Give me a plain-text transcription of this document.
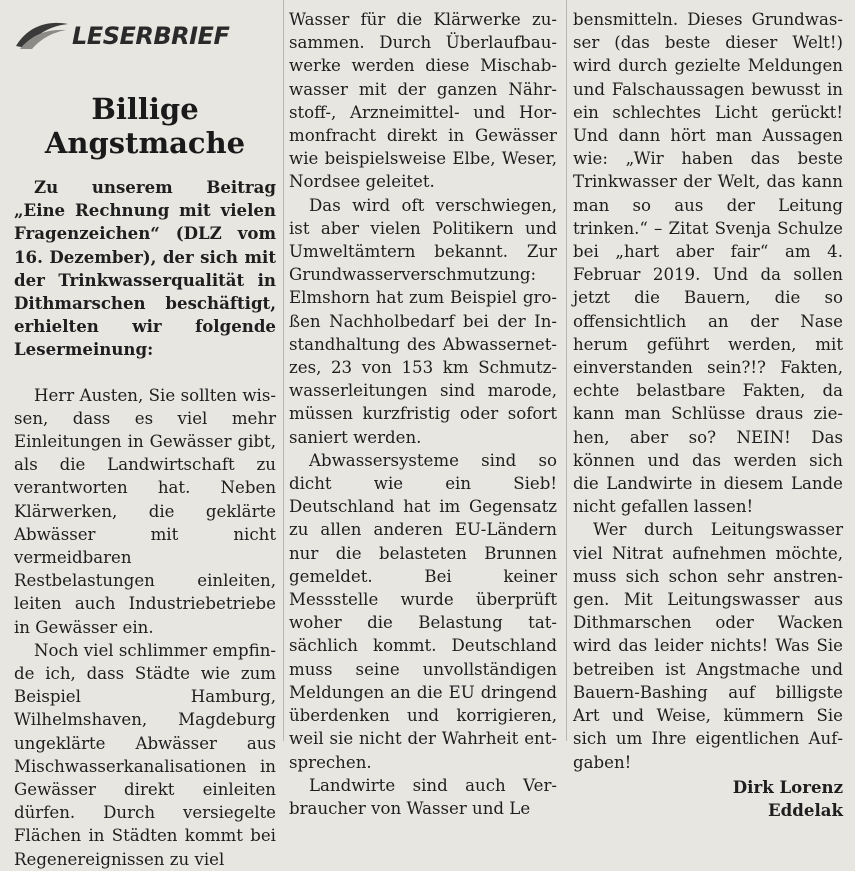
LESERBRIEF
Billige
Angstmache

Zu unserem Beitrag „Eine Rechnung mit vielen Fragenzeichen“ (DLZ vom 16. Dezember), der sich mit der Trinkwasserqualität in Dithmarschen beschäftigt, erhielten wir folgende Lesermeinung:

Herr Austen, Sie sollten wissen, dass es viel mehr Einleitungen in Gewässer gibt, als die Landwirtschaft zu verantworten hat. Neben Klärwerken, die geklärte Abwässer mit nicht vermeidbaren Restbelastungen einleiten, leiten auch Industriebetriebe in Gewässer ein.

Noch viel schlimmer empfinde ich, dass Städte wie zum Beispiel Hamburg, Wilhelmshaven, Magdeburg ungeklärte Abwässer aus Mischwasserkanalisationen in Gewässer direkt einleiten dürfen. Durch versiegelte Flächen in Städten kommt bei Regenereignissen zu viel

Wasser für die Klärwerke zusammen. Durch Überlaufbauwerke werden diese Mischabwasser mit der ganzen Nährstoff-, Arzneimittel- und Hormonfracht direkt in Gewässer wie beispielsweise Elbe, Weser, Nordsee geleitet.

Das wird oft verschwiegen, ist aber vielen Politikern und Umweltämtern bekannt. Zur Grundwasserverschmutzung: Elmshorn hat zum Beispiel großen Nachholbedarf bei der Instandhaltung des Abwassernetzes, 23 von 153 km Schmutzwasserleitungen sind marode, müssen kurzfristig oder sofort saniert werden.

Abwassersysteme sind so dicht wie ein Sieb! Deutschland hat im Gegensatz zu allen anderen EU-Ländern nur die belasteten Brunnen gemeldet. Bei keiner Messstelle wurde überprüft woher die Belastung tatsächlich kommt. Deutschland muss seine unvollständigen Meldungen an die EU dringend überdenken und korrigieren, weil sie nicht der Wahrheit entsprechen.

Landwirte sind auch Verbraucher von Wasser und Le

bensmitteln. Dieses Grundwasser (das beste dieser Welt!) wird durch gezielte Meldungen und Falschaussagen bewusst in ein schlechtes Licht gerückt! Und dann hört man Aussagen wie: „Wir haben das beste Trinkwasser der Welt, das kann man so aus der Leitung trinken.“ – Zitat Svenja Schulze bei „hart aber fair“ am 4. Februar 2019. Und da sollen jetzt die Bauern, die so offensichtlich an der Nase herum geführt werden, mit einverstanden sein?!? Fakten, echte belastbare Fakten, da kann man Schlüsse draus ziehen, aber so? NEIN! Das können und das werden sich die Landwirte in diesem Lande nicht gefallen lassen!

Wer durch Leitungswasser viel Nitrat aufnehmen möchte, muss sich schon sehr anstrengen. Mit Leitungswasser aus Dithmarschen oder Wacken wird das leider nichts! Was Sie betreiben ist Angstmache und Bauern-Bashing auf billigste Art und Weise, kümmern Sie sich um Ihre eigentlichen Aufgaben!

Dirk Lorenz
Eddelak
